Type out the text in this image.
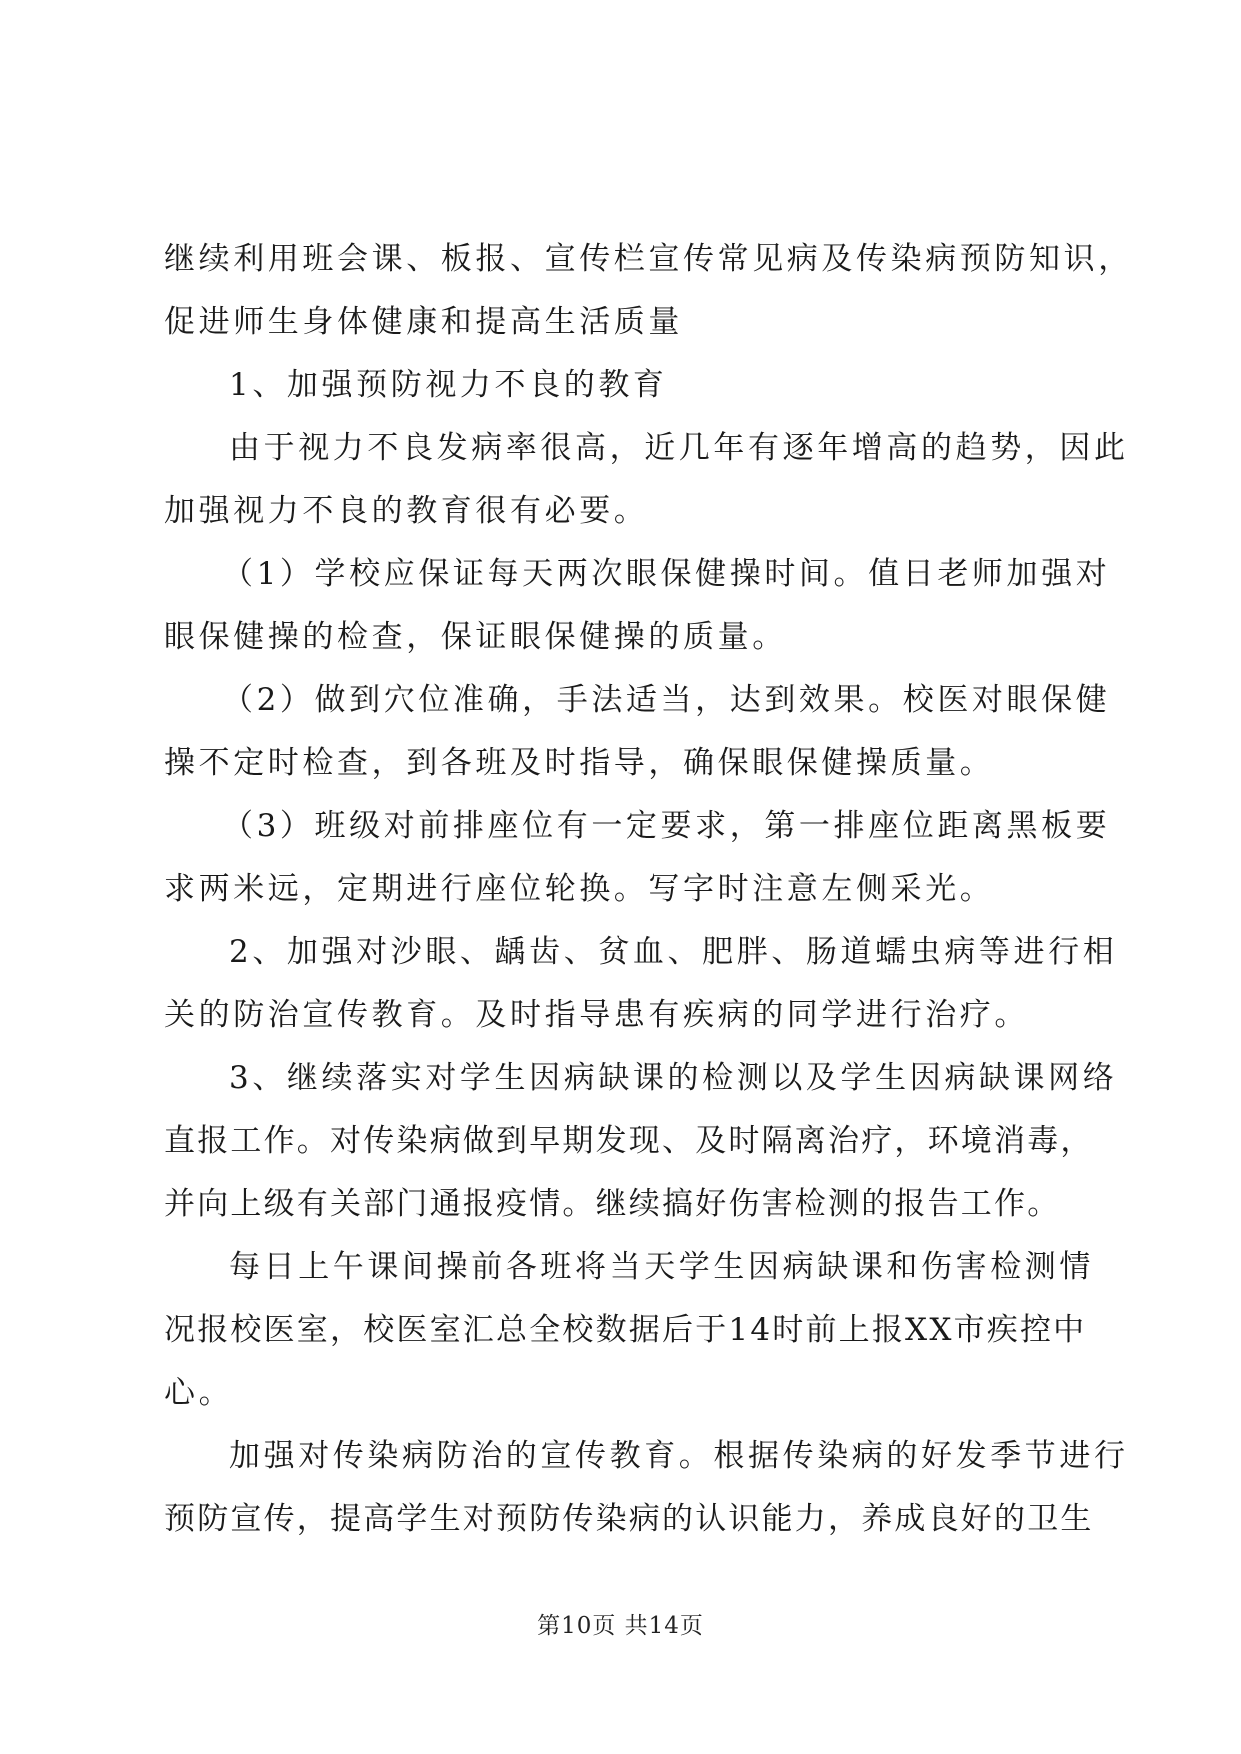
继续利用班会课、板报、宣传栏宣传常见病及传染病预防知识，
促进师生身体健康和提高生活质量
1、加强预防视力不良的教育
由于视力不良发病率很高，近几年有逐年增高的趋势，因此
加强视力不良的教育很有必要。
（1）学校应保证每天两次眼保健操时间。值日老师加强对
眼保健操的检查，保证眼保健操的质量。
（2）做到穴位准确，手法适当，达到效果。校医对眼保健
操不定时检查，到各班及时指导，确保眼保健操质量。
（3）班级对前排座位有一定要求，第一排座位距离黑板要
求两米远，定期进行座位轮换。写字时注意左侧采光。
2、加强对沙眼、龋齿、贫血、肥胖、肠道蠕虫病等进行相
关的防治宣传教育。及时指导患有疾病的同学进行治疗。
3、继续落实对学生因病缺课的检测以及学生因病缺课网络
直报工作。对传染病做到早期发现、及时隔离治疗，环境消毒，
并向上级有关部门通报疫情。继续搞好伤害检测的报告工作。
每日上午课间操前各班将当天学生因病缺课和伤害检测情
况报校医室，校医室汇总全校数据后于14时前上报XX市疾控中
心。
加强对传染病防治的宣传教育。根据传染病的好发季节进行
预防宣传，提高学生对预防传染病的认识能力，养成良好的卫生
第10页 共14页
